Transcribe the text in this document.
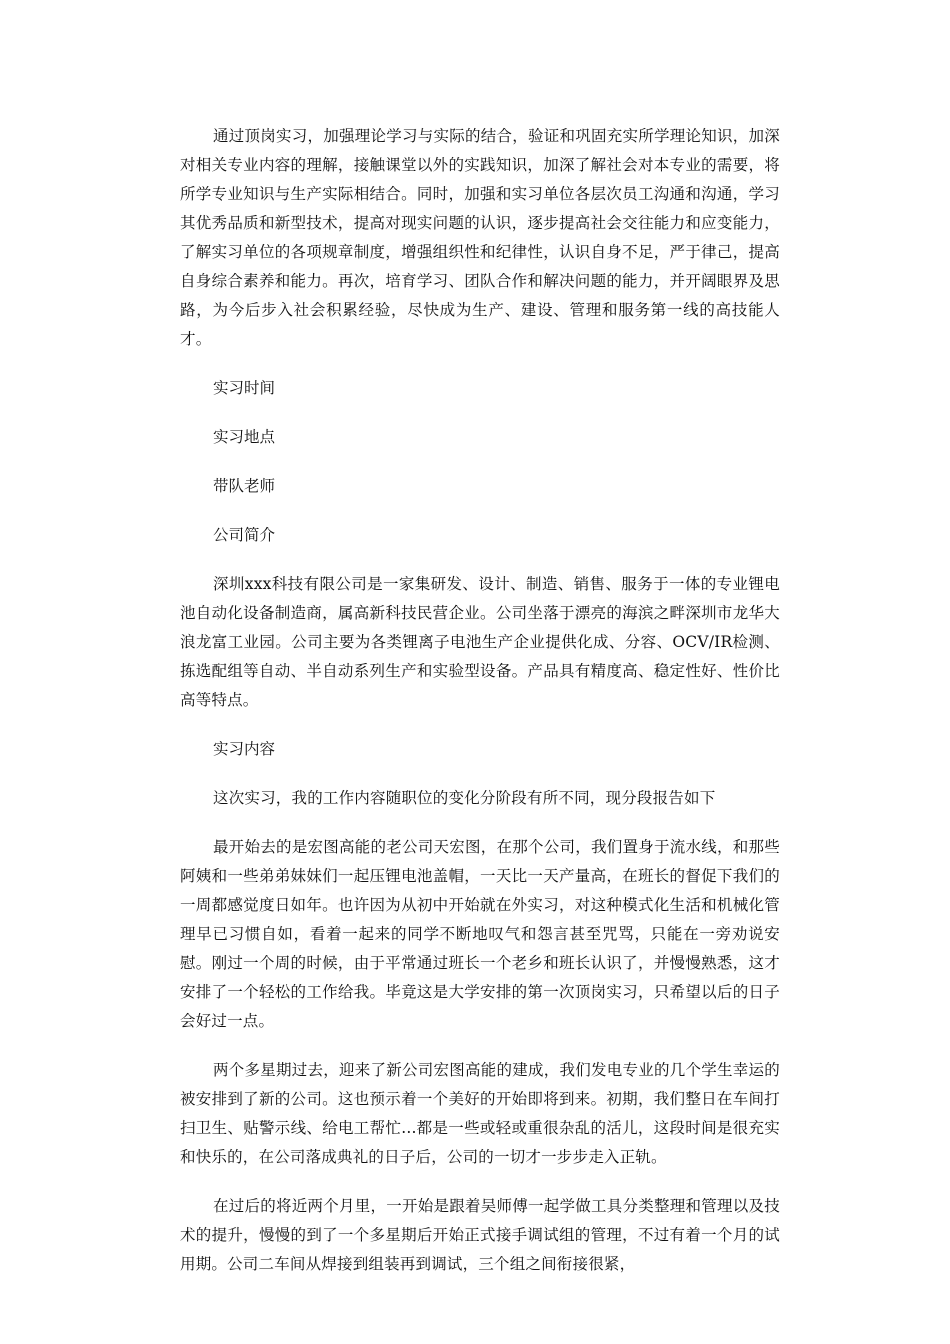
通过顶岗实习，加强理论学习与实际的结合，验证和巩固充实所学理论知识，加深对相关专业内容的理解，接触课堂以外的实践知识，加深了解社会对本专业的需要，将所学专业知识与生产实际相结合。同时，加强和实习单位各层次员工沟通和沟通，学习其优秀品质和新型技术，提高对现实问题的认识，逐步提高社会交往能力和应变能力，了解实习单位的各项规章制度，增强组织性和纪律性，认识自身不足，严于律己，提高自身综合素养和能力。再次，培育学习、团队合作和解决问题的能力，并开阔眼界及思路，为今后步入社会积累经验，尽快成为生产、建设、管理和服务第一线的高技能人才。

实习时间

实习地点

带队老师

公司简介

深圳xxx科技有限公司是一家集研发、设计、制造、销售、服务于一体的专业锂电池自动化设备制造商，属高新科技民营企业。公司坐落于漂亮的海滨之畔深圳市龙华大浪龙富工业园。公司主要为各类锂离子电池生产企业提供化成、分容、OCV/IR检测、拣选配组等自动、半自动系列生产和实验型设备。产品具有精度高、稳定性好、性价比高等特点。

实习内容

这次实习，我的工作内容随职位的变化分阶段有所不同，现分段报告如下

最开始去的是宏图高能的老公司天宏图，在那个公司，我们置身于流水线，和那些阿姨和一些弟弟妹妹们一起压锂电池盖帽，一天比一天产量高，在班长的督促下我们的一周都感觉度日如年。也许因为从初中开始就在外实习，对这种模式化生活和机械化管理早已习惯自如，看着一起来的同学不断地叹气和怨言甚至咒骂，只能在一旁劝说安慰。刚过一个周的时候，由于平常通过班长一个老乡和班长认识了，并慢慢熟悉，这才安排了一个轻松的工作给我。毕竟这是大学安排的第一次顶岗实习，只希望以后的日子会好过一点。

两个多星期过去，迎来了新公司宏图高能的建成，我们发电专业的几个学生幸运的被安排到了新的公司。这也预示着一个美好的开始即将到来。初期，我们整日在车间打扫卫生、贴警示线、给电工帮忙...都是一些或轻或重很杂乱的活儿，这段时间是很充实和快乐的，在公司落成典礼的日子后，公司的一切才一步步走入正轨。

在过后的将近两个月里，一开始是跟着吴师傅一起学做工具分类整理和管理以及技术的提升，慢慢的到了一个多星期后开始正式接手调试组的管理，不过有着一个月的试用期。公司二车间从焊接到组装再到调试，三个组之间衔接很紧，
